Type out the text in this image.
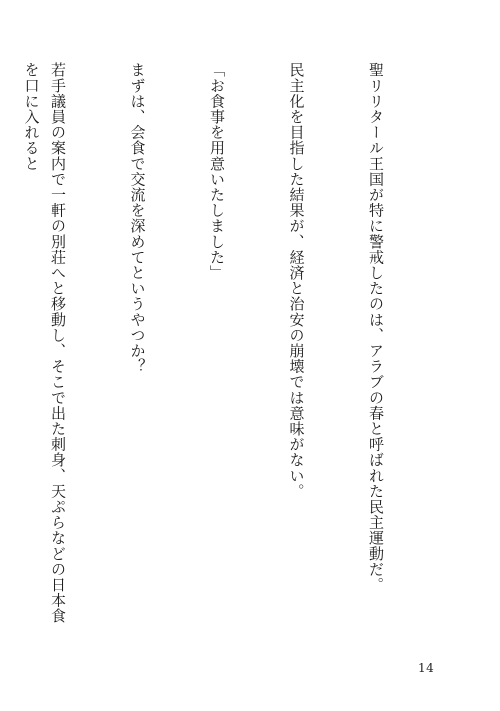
聖リリタール王国が特に警戒したのは、アラブの春と呼ばれた民主運動だ。

民主化を目指した結果が、経済と治安の崩壊では意味がない。

「お食事を用意いたしました」

まずは、会食で交流を深めてというやつか？

若手議員の案内で一軒の別荘へと移動し、そこで出た刺身、天ぷらなどの日本食を口に入れると

14
